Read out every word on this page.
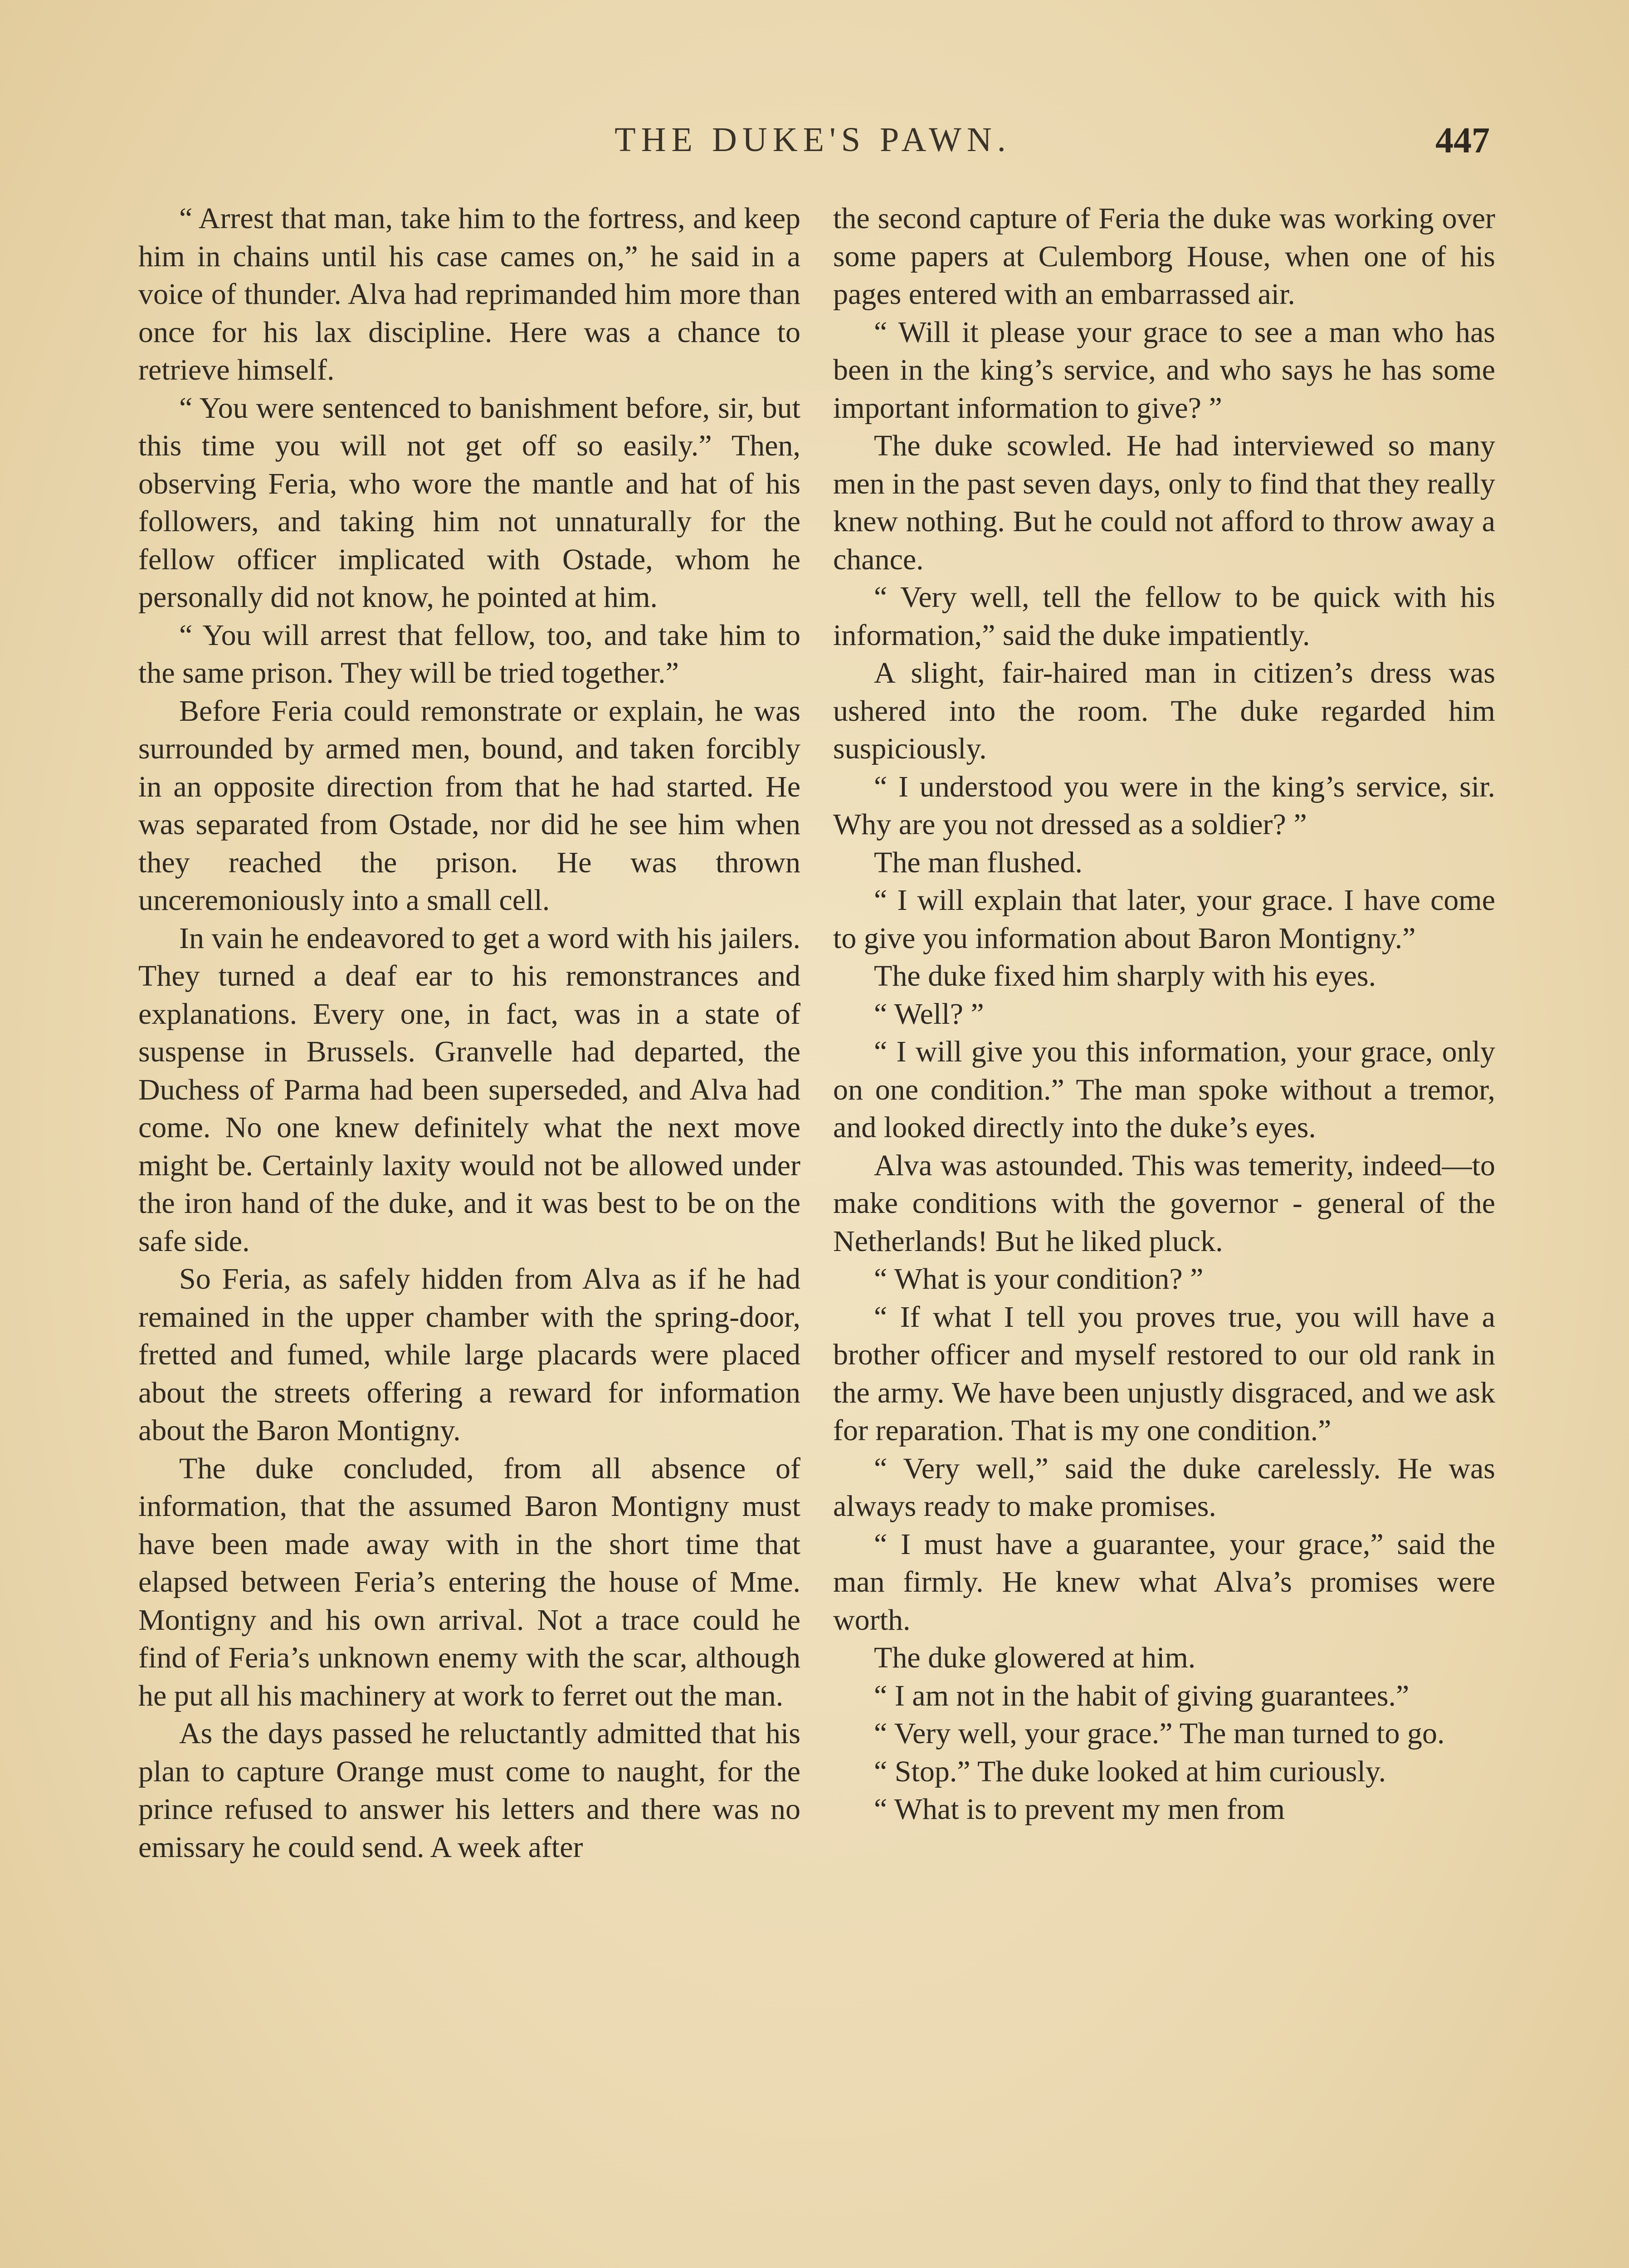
THE DUKE'S PAWN.	447

“ Arrest that man, take him to the fortress, and keep him in chains until his case cames on,” he said in a voice of thunder. Alva had reprimanded him more than once for his lax discipline. Here was a chance to retrieve himself.

“ You were sentenced to banishment before, sir, but this time you will not get off so easily.” Then, observing Feria, who wore the mantle and hat of his followers, and taking him not unnaturally for the fellow officer implicated with Ostade, whom he personally did not know, he pointed at him.

“ You will arrest that fellow, too, and take him to the same prison. They will be tried together.”

Before Feria could remonstrate or explain, he was surrounded by armed men, bound, and taken forcibly in an opposite direction from that he had started. He was separated from Ostade, nor did he see him when they reached the prison. He was thrown unceremoniously into a small cell.

In vain he endeavored to get a word with his jailers. They turned a deaf ear to his remonstrances and explanations. Every one, in fact, was in a state of suspense in Brussels. Granvelle had departed, the Duchess of Parma had been superseded, and Alva had come. No one knew definitely what the next move might be. Certainly laxity would not be allowed under the iron hand of the duke, and it was best to be on the safe side.

So Feria, as safely hidden from Alva as if he had remained in the upper chamber with the spring-door, fretted and fumed, while large placards were placed about the streets offering a reward for information about the Baron Montigny.

The duke concluded, from all absence of information, that the assumed Baron Montigny must have been made away with in the short time that elapsed between Feria’s entering the house of Mme. Montigny and his own arrival. Not a trace could he find of Feria’s unknown enemy with the scar, although he put all his machinery at work to ferret out the man.

As the days passed he reluctantly admitted that his plan to capture Orange must come to naught, for the prince refused to answer his letters and there was no emissary he could send. A week after

the second capture of Feria the duke was working over some papers at Culemborg House, when one of his pages entered with an embarrassed air.

“ Will it please your grace to see a man who has been in the king’s service, and who says he has some important information to give? ”

The duke scowled. He had interviewed so many men in the past seven days, only to find that they really knew nothing. But he could not afford to throw away a chance.

“ Very well, tell the fellow to be quick with his information,” said the duke impatiently.

A slight, fair-haired man in citizen’s dress was ushered into the room. The duke regarded him suspiciously.

“ I understood you were in the king’s service, sir. Why are you not dressed as a soldier? ”

The man flushed.

“ I will explain that later, your grace. I have come to give you information about Baron Montigny.”

The duke fixed him sharply with his eyes.

“ Well? ”

“ I will give you this information, your grace, only on one condition.” The man spoke without a tremor, and looked directly into the duke’s eyes.

Alva was astounded. This was temerity, indeed—to make conditions with the governor - general of the Netherlands! But he liked pluck.

“ What is your condition? ”

“ If what I tell you proves true, you will have a brother officer and myself restored to our old rank in the army. We have been unjustly disgraced, and we ask for reparation. That is my one condition.”

“ Very well,” said the duke carelessly. He was always ready to make promises.

“ I must have a guarantee, your grace,” said the man firmly. He knew what Alva’s promises were worth.

The duke glowered at him.

“ I am not in the habit of giving guarantees.”

“ Very well, your grace.” The man turned to go.

“ Stop.” The duke looked at him curiously.

“ What is to prevent my men from
